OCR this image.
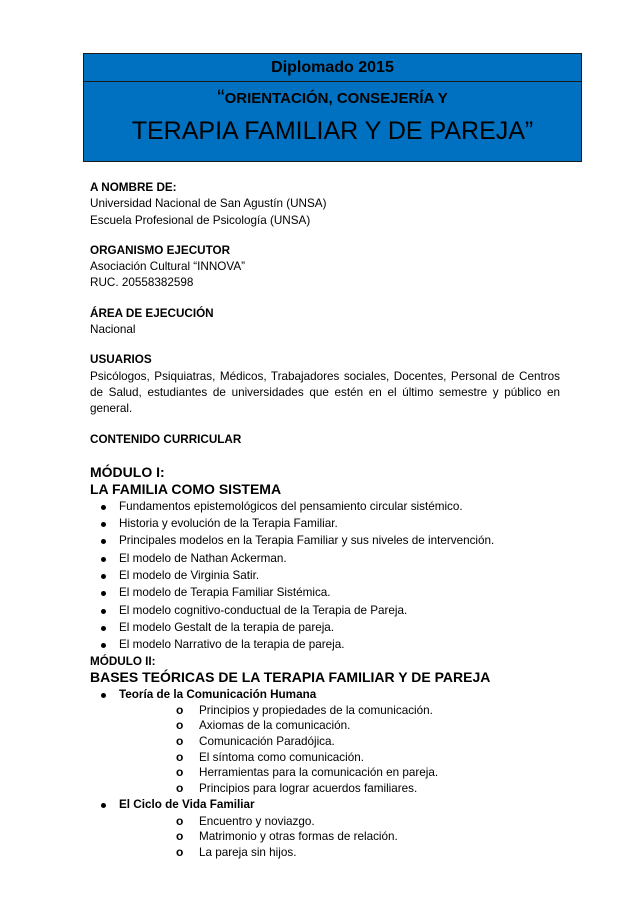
Diplomado 2015
“ORIENTACIÓN, CONSEJERÍA Y
TERAPIA FAMILIAR Y DE PAREJA”
A NOMBRE DE:
Universidad Nacional de San Agustín (UNSA)
Escuela Profesional de Psicología (UNSA)
ORGANISMO EJECUTOR
Asociación Cultural “INNOVA”
RUC. 20558382598
ÁREA DE EJECUCIÓN
Nacional
USUARIOS
Psicólogos, Psiquiatras, Médicos, Trabajadores sociales, Docentes, Personal de Centros de Salud, estudiantes de universidades que estén en el último semestre y público en general.
CONTENIDO CURRICULAR
MÓDULO I:
LA FAMILIA COMO SISTEMA
Fundamentos epistemológicos del pensamiento circular sistémico.
Historia y evolución de la Terapia Familiar.
Principales modelos en la Terapia Familiar y sus niveles de intervención.
El modelo de Nathan Ackerman.
El modelo de Virginia Satir.
El modelo de Terapia Familiar Sistémica.
El modelo cognitivo-conductual de la Terapia de Pareja.
El modelo Gestalt de la terapia de pareja.
El modelo Narrativo de la terapia de pareja.
MÓDULO II:
BASES TEÓRICAS DE LA TERAPIA FAMILIAR Y DE PAREJA
Teoría de la Comunicación Humana
o Principios y propiedades de la comunicación.
o Axiomas de la comunicación.
o Comunicación Paradójica.
o El síntoma como comunicación.
o Herramientas para la comunicación en pareja.
o Principios para lograr acuerdos familiares.
El Ciclo de Vida Familiar
o Encuentro y noviazgo.
o Matrimonio y otras formas de relación.
o La pareja sin hijos.
